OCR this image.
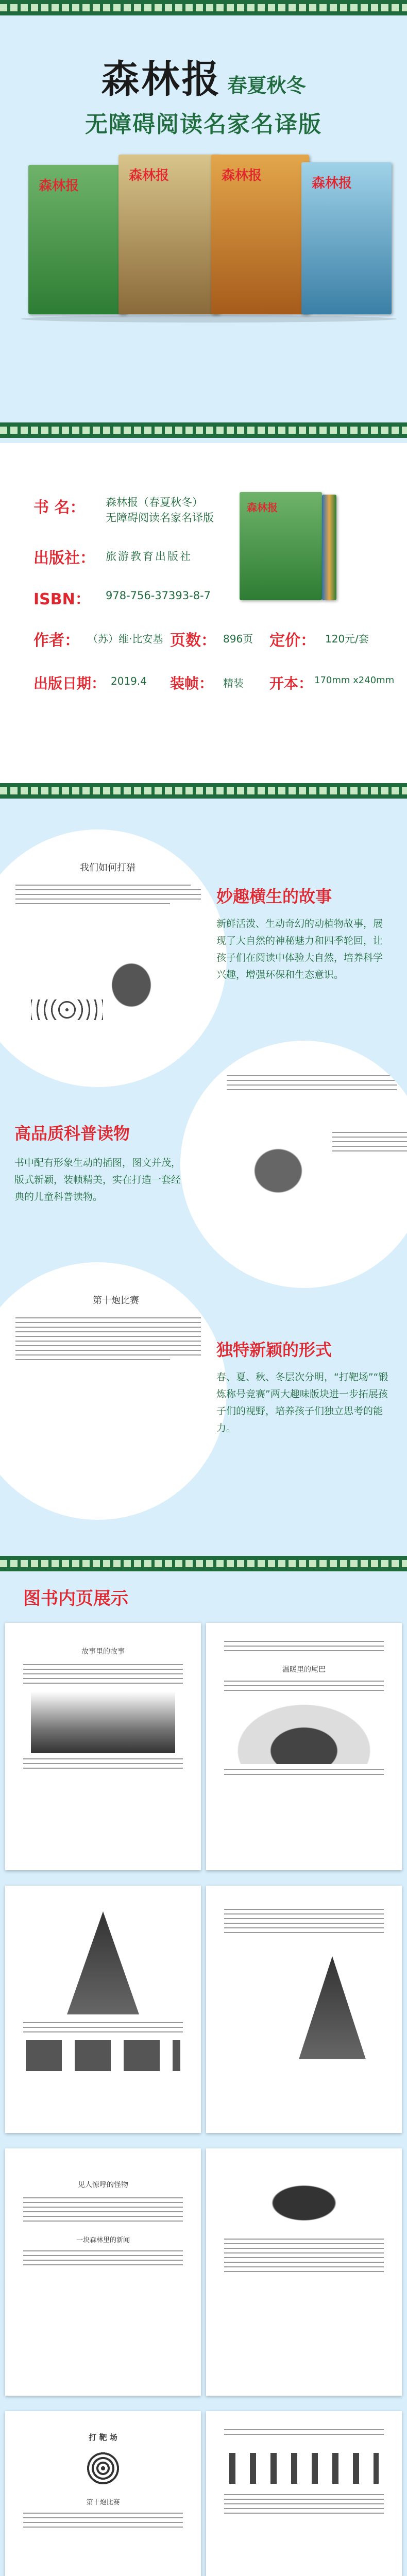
森林报 春夏秋冬
无障碍阅读名家名译版
森林报
森林报	森林报	森林报
森林报
书 名： 森林报（春夏秋冬）
无障碍阅读名家名译版
出版社： 旅游教育出版社
ISBN： 978-756-37393-8-7
作者： （苏）维·比安基 页数： 896页 定价： 120元/套
出版日期： 2019.4 装帧： 精装 开本： 170mm x240mm
我们如何打猎
妙趣横生的故事
新鲜活泼、生动奇幻的动植物故事，展现了大自然的神秘魅力和四季轮回，让孩子们在阅读中体验大自然，培养科学兴趣，增强环保和生态意识。
高品质科普读物
书中配有形象生动的插图，图文并茂，版式新颖，装帧精美，实在打造一套经典的儿童科普读物。
第十炮比赛
独特新颖的形式
春、夏、秋、冬层次分明，“打靶场”“锻炼称号竞赛”两大趣味版块进一步拓展孩子们的视野，培养孩子们独立思考的能力。
图书内页展示
故事里的故事
温暖里的尾巴
见人惊呼的怪物
一块森林里的新闻
打 靶 场
第十炮比赛
